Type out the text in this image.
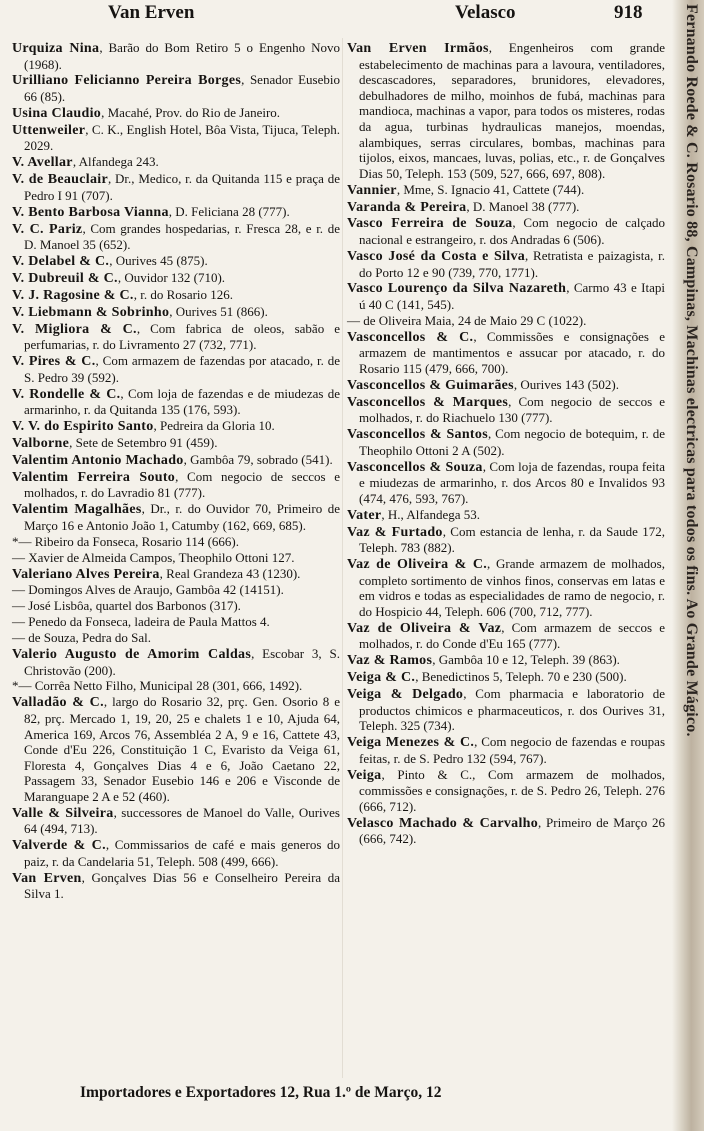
Van Erven	Velasco	918

Urquiza Nina, Barão do Bom Retiro 5 o Engenho Novo (1968).

Urilliano Felicianno Pereira Borges, Senador Eusebio 66 (85).

Usina Claudio, Macahé, Prov. do Rio de Janeiro.

Uttenweiler, C. K., English Hotel, Bôa Vista, Tijuca, Teleph. 2029.

V. Avellar, Alfandega 243.

V. de Beauclair, Dr., Medico, r. da Quitanda 115 e praça de Pedro I 91 (707).

V. Bento Barbosa Vianna, D. Feliciana 28 (777).

V. C. Pariz, Com grandes hospedarias, r. Fresca 28, e r. de D. Manoel 35 (652).

V. Delabel & C., Ourives 45 (875).

V. Dubreuil & C., Ouvidor 132 (710).

V. J. Ragosine & C., r. do Rosario 126.

V. Liebmann & Sobrinho, Ourives 51 (866).

V. Migliora & C., Com fabrica de oleos, sabão e perfumarias, r. do Livramento 27 (732, 771).

V. Pires & C., Com armazem de fazendas por atacado, r. de S. Pedro 39 (592).

V. Rondelle & C., Com loja de fazendas e de miudezas de armarinho, r. da Quitanda 135 (176, 593).

V. V. do Espirito Santo, Pedreira da Gloria 10.

Valborne, Sete de Setembro 91 (459).

Valentim Antonio Machado, Gambôa 79, sobrado (541).

Valentim Ferreira Souto, Com negocio de seccos e molhados, r. do Lavradio 81 (777).

Valentim Magalhães, Dr., r. do Ouvidor 70, Primeiro de Março 16 e Antonio João 1, Catumby (162, 669, 685).

*— Ribeiro da Fonseca, Rosario 114 (666).

— Xavier de Almeida Campos, Theophilo Ottoni 127.

Valeriano Alves Pereira, Real Grandeza 43 (1230).

— Domingos Alves de Araujo, Gambôa 42 (14151).

— José Lisbôa, quartel dos Barbonos (317).

— Penedo da Fonseca, ladeira de Paula Mattos 4.

— de Souza, Pedra do Sal.

Valerio Augusto de Amorim Caldas, Escobar 3, S. Christovão (200).

*— Corrêa Netto Filho, Municipal 28 (301, 666, 1492).

Valladão & C., largo do Rosario 32, prç. Gen. Osorio 8 e 82, prç. Mercado 1, 19, 20, 25 e chalets 1 e 10, Ajuda 64, America 169, Arcos 76, Assembléa 2 A, 9 e 16, Cattete 43, Conde d'Eu 226, Constituição 1 C, Evaristo da Veiga 61, Floresta 4, Gonçalves Dias 4 e 6, João Caetano 22, Passagem 33, Senador Eusebio 146 e 206 e Visconde de Maranguape 2 A e 52 (460).

Valle & Silveira, successores de Manoel do Valle, Ourives 64 (494, 713).

Valverde & C., Commissarios de café e mais generos do paiz, r. da Candelaria 51, Teleph. 508 (499, 666).

Van Erven, Gonçalves Dias 56 e Conselheiro Pereira da Silva 1.

Van Erven Irmãos, Engenheiros com grande estabelecimento de machinas para a lavoura, ventiladores, descascadores, separadores, brunidores, elevadores, debulhadores de milho, moinhos de fubá, machinas para mandioca, machinas a vapor, para todos os misteres, rodas da agua, turbinas hydraulicas manejos, moendas, alambiques, serras circulares, bombas, machinas para tijolos, eixos, mancaes, luvas, polias, etc., r. de Gonçalves Dias 50, Teleph. 153 (509, 527, 666, 697, 808).

Vannier, Mme, S. Ignacio 41, Cattete (744).

Varanda & Pereira, D. Manoel 38 (777).

Vasco Ferreira de Souza, Com negocio de calçado nacional e estrangeiro, r. dos Andradas 6 (506).

Vasco José da Costa e Silva, Retratista e paizagista, r. do Porto 12 e 90 (739, 770, 1771).

Vasco Lourenço da Silva Nazareth, Carmo 43 e Itapi ú 40 C (141, 545).

— de Oliveira Maia, 24 de Maio 29 C (1022).

Vasconcellos & C., Commissões e consignações e armazem de mantimentos e assucar por atacado, r. do Rosario 115 (479, 666, 700).

Vasconcellos & Guimarães, Ourives 143 (502).

Vasconcellos & Marques, Com negocio de seccos e molhados, r. do Riachuelo 130 (777).

Vasconcellos & Santos, Com negocio de botequim, r. de Theophilo Ottoni 2 A (502).

Vasconcellos & Souza, Com loja de fazendas, roupa feita e miudezas de armarinho, r. dos Arcos 80 e Invalidos 93 (474, 476, 593, 767).

Vater, H., Alfandega 53.

Vaz & Furtado, Com estancia de lenha, r. da Saude 172, Teleph. 783 (882).

Vaz de Oliveira & C., Grande armazem de molhados, completo sortimento de vinhos finos, conservas em latas e em vidros e todas as especialidades de ramo de negocio, r. do Hospicio 44, Teleph. 606 (700, 712, 777).

Vaz de Oliveira & Vaz, Com armazem de seccos e molhados, r. do Conde d'Eu 165 (777).

Vaz & Ramos, Gambôa 10 e 12, Teleph. 39 (863).

Veiga & C., Benedictinos 5, Teleph. 70 e 230 (500).

Veiga & Delgado, Com pharmacia e laboratorio de productos chimicos e pharmaceuticos, r. dos Ourives 31, Teleph. 325 (734).

Veiga Menezes & C., Com negocio de fazendas e roupas feitas, r. de S. Pedro 132 (594, 767).

Veiga, Pinto & C., Com armazem de molhados, commissões e consignações, r. de S. Pedro 26, Teleph. 276 (666, 712).

Velasco Machado & Carvalho, Primeiro de Março 26 (666, 742).

Importadores e Exportadores 12, Rua 1.º de Março, 12
Fernando Roede & C. Rosario 88, Campinas, Machinas electricas para todos os fins. Ao Grande Mágico.
